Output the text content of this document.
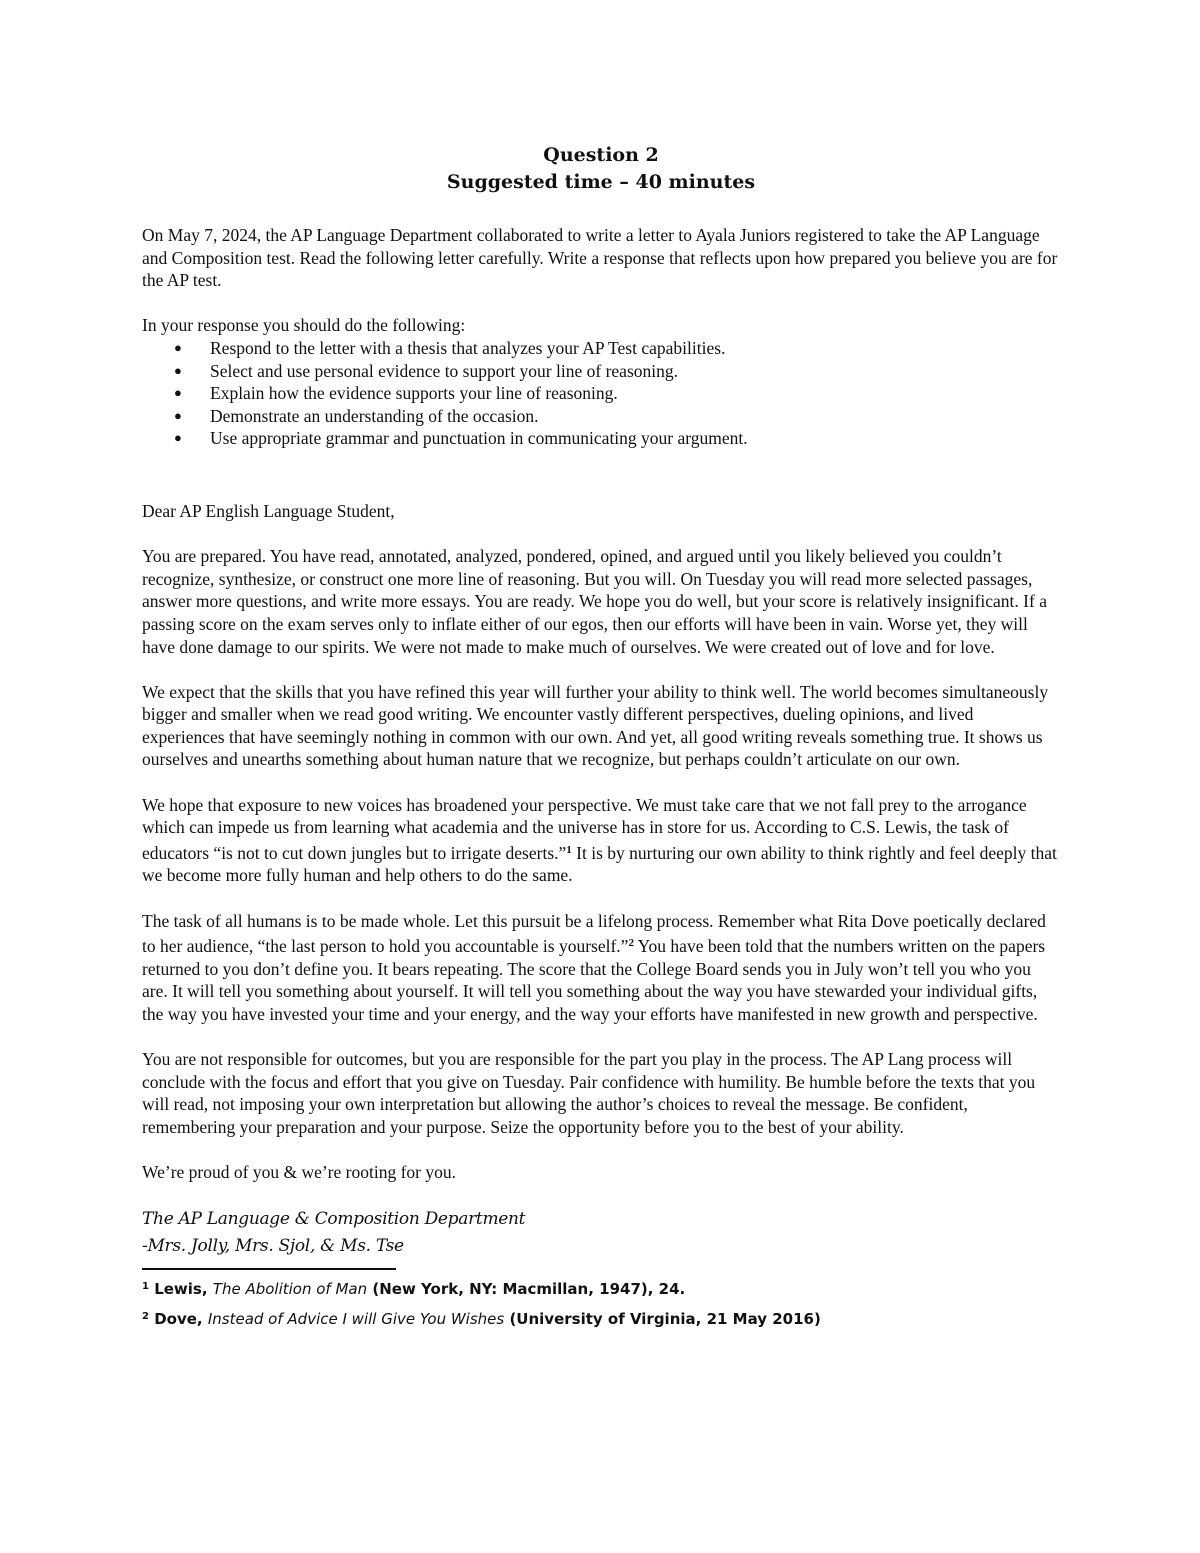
Question 2
Suggested time – 40 minutes

On May 7, 2024, the AP Language Department collaborated to write a letter to Ayala Juniors registered to take the AP Language and Composition test. Read the following letter carefully. Write a response that reflects upon how prepared you believe you are for the AP test.

In your response you should do the following:

● Respond to the letter with a thesis that analyzes your AP Test capabilities.
● Select and use personal evidence to support your line of reasoning.
● Explain how the evidence supports your line of reasoning.
● Demonstrate an understanding of the occasion.
● Use appropriate grammar and punctuation in communicating your argument.

Dear AP English Language Student,

You are prepared. You have read, annotated, analyzed, pondered, opined, and argued until you likely believed you couldn’t recognize, synthesize, or construct one more line of reasoning. But you will. On Tuesday you will read more selected passages, answer more questions, and write more essays. You are ready. We hope you do well, but your score is relatively insignificant. If a passing score on the exam serves only to inflate either of our egos, then our efforts will have been in vain. Worse yet, they will have done damage to our spirits. We were not made to make much of ourselves. We were created out of love and for love.

We expect that the skills that you have refined this year will further your ability to think well. The world becomes simultaneously bigger and smaller when we read good writing. We encounter vastly different perspectives, dueling opinions, and lived experiences that have seemingly nothing in common with our own. And yet, all good writing reveals something true. It shows us ourselves and unearths something about human nature that we recognize, but perhaps couldn’t articulate on our own.

We hope that exposure to new voices has broadened your perspective. We must take care that we not fall prey to the arrogance which can impede us from learning what academia and the universe has in store for us. According to C.S. Lewis, the task of educators “is not to cut down jungles but to irrigate deserts.”$^1$ It is by nurturing our own ability to think rightly and feel deeply that we become more fully human and help others to do the same.

The task of all humans is to be made whole. Let this pursuit be a lifelong process. Remember what Rita Dove poetically declared to her audience, “the last person to hold you accountable is yourself.”$^2$ You have been told that the numbers written on the papers returned to you don’t define you. It bears repeating. The score that the College Board sends you in July won’t tell you who you are. It will tell you something about yourself. It will tell you something about the way you have stewarded your individual gifts, the way you have invested your time and your energy, and the way your efforts have manifested in new growth and perspective.

You are not responsible for outcomes, but you are responsible for the part you play in the process. The AP Lang process will conclude with the focus and effort that you give on Tuesday. Pair confidence with humility. Be humble before the texts that you will read, not imposing your own interpretation but allowing the author’s choices to reveal the message. Be confident, remembering your preparation and your purpose. Seize the opportunity before you to the best of your ability.

We’re proud of you & we’re rooting for you.

The AP Language & Composition Department
-Mrs. Jolly, Mrs. Sjol, & Ms. Tse
$^1$ Lewis, The Abolition of Man (New York, NY: Macmillan, 1947), 24.
$^2$ Dove, Instead of Advice I will Give You Wishes (University of Virginia, 21 May 2016)
